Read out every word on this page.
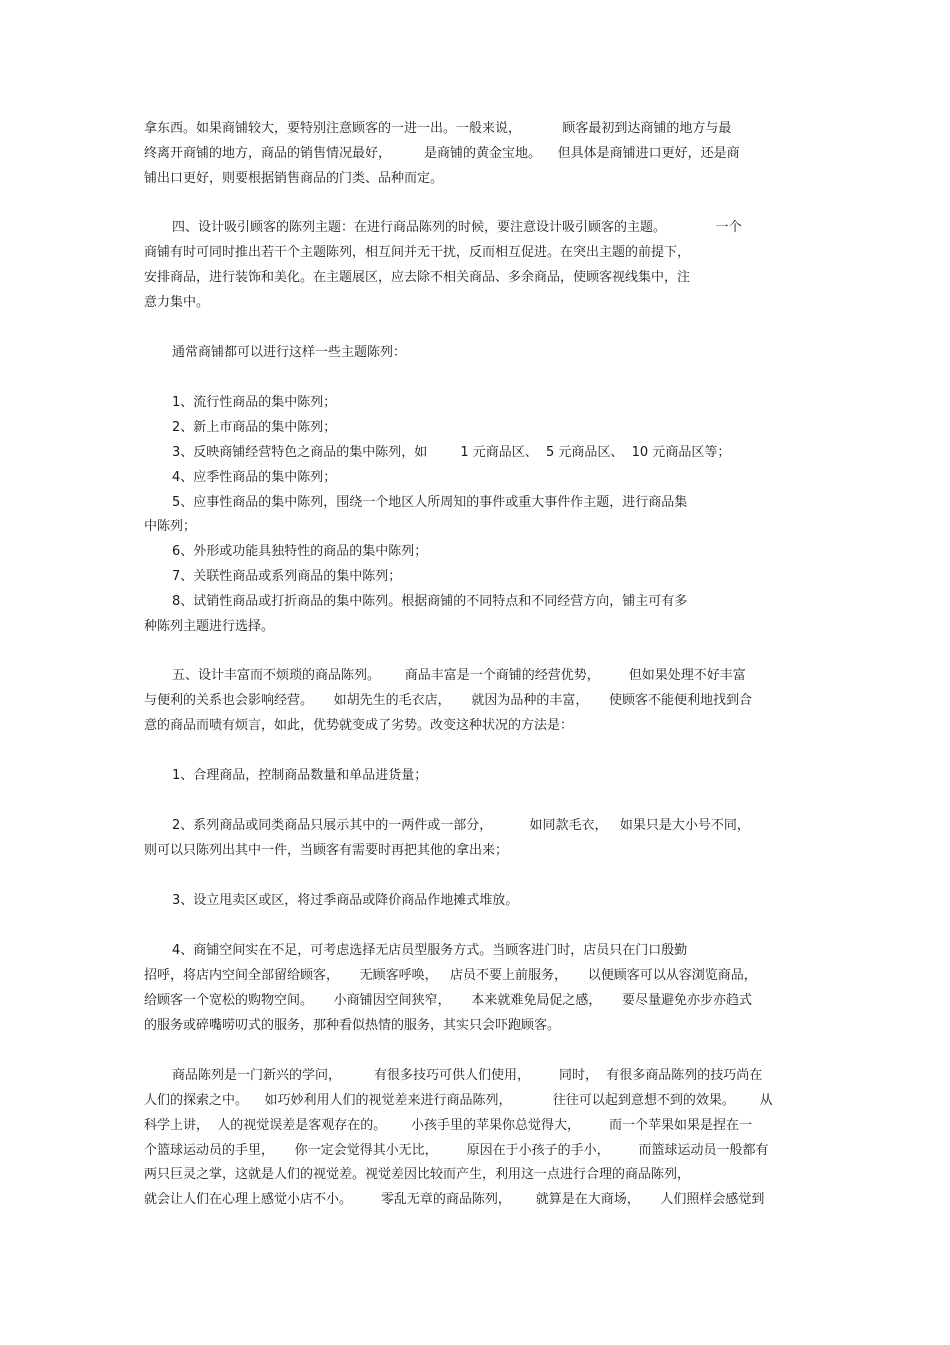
拿东西。如果商铺较大，要特别注意顾客的一进一出。一般来说，          顾客最初到达商铺的地方与最
终离开商铺的地方，商品的销售情况最好，        是商铺的黄金宝地。    但具体是商铺进口更好，还是商
铺出口更好，则要根据销售商品的门类、品种而定。
四、设计吸引顾客的陈列主题：在进行商品陈列的时候，要注意设计吸引顾客的主题。            一个
商铺有时可同时推出若干个主题陈列，相互间并无干扰，反而相互促进。在突出主题的前提下，
安排商品，进行装饰和美化。在主题展区，应去除不相关商品、多余商品，使顾客视线集中，注
意力集中。
通常商铺都可以进行这样一些主题陈列：
1、流行性商品的集中陈列；
2、新上市商品的集中陈列；
3、反映商铺经营特色之商品的集中陈列，如        1 元商品区、  5 元商品区、  10 元商品区等；
4、应季性商品的集中陈列；
5、应事性商品的集中陈列，围绕一个地区人所周知的事件或重大事件作主题，进行商品集
中陈列；
6、外形或功能具独特性的商品的集中陈列；
7、关联性商品或系列商品的集中陈列；
8、试销性商品或打折商品的集中陈列。根据商铺的不同特点和不同经营方向，铺主可有多
种陈列主题进行选择。
五、设计丰富而不烦琐的商品陈列。      商品丰富是一个商铺的经营优势，       但如果处理不好丰富
与便利的关系也会影响经营。     如胡先生的毛衣店，     就因为品种的丰富，     使顾客不能便利地找到合
意的商品而啧有烦言，如此，优势就变成了劣势。改变这种状况的方法是：
1、合理商品，控制商品数量和单品进货量；
2、系列商品或同类商品只展示其中的一两件或一部分，         如同款毛衣，   如果只是大小号不同，
则可以只陈列出其中一件，当顾客有需要时再把其他的拿出来；
3、设立甩卖区或区，将过季商品或降价商品作地摊式堆放。
4、商铺空间实在不足，可考虑选择无店员型服务方式。当顾客进门时，店员只在门口殷勤
招呼，将店内空间全部留给顾客，     无顾客呼唤，   店员不要上前服务，     以便顾客可以从容浏览商品，
给顾客一个宽松的购物空间。     小商铺因空间狭窄，     本来就难免局促之感，     要尽量避免亦步亦趋式
的服务或碎嘴唠叨式的服务，那种看似热情的服务，其实只会吓跑顾客。
商品陈列是一门新兴的学问，        有很多技巧可供人们使用，       同时，  有很多商品陈列的技巧尚在
人们的探索之中。    如巧妙利用人们的视觉差来进行商品陈列，          往往可以起到意想不到的效果。      从
科学上讲，  人的视觉误差是客观存在的。      小孩手里的苹果你总觉得大，       而一个苹果如果是捏在一
个篮球运动员的手里，     你一定会觉得其小无比，       原因在于小孩子的手小，       而篮球运动员一般都有
两只巨灵之掌，这就是人们的视觉差。视觉差因比较而产生，利用这一点进行合理的商品陈列，
就会让人们在心理上感觉小店不小。       零乱无章的商品陈列，      就算是在大商场，     人们照样会感觉到
